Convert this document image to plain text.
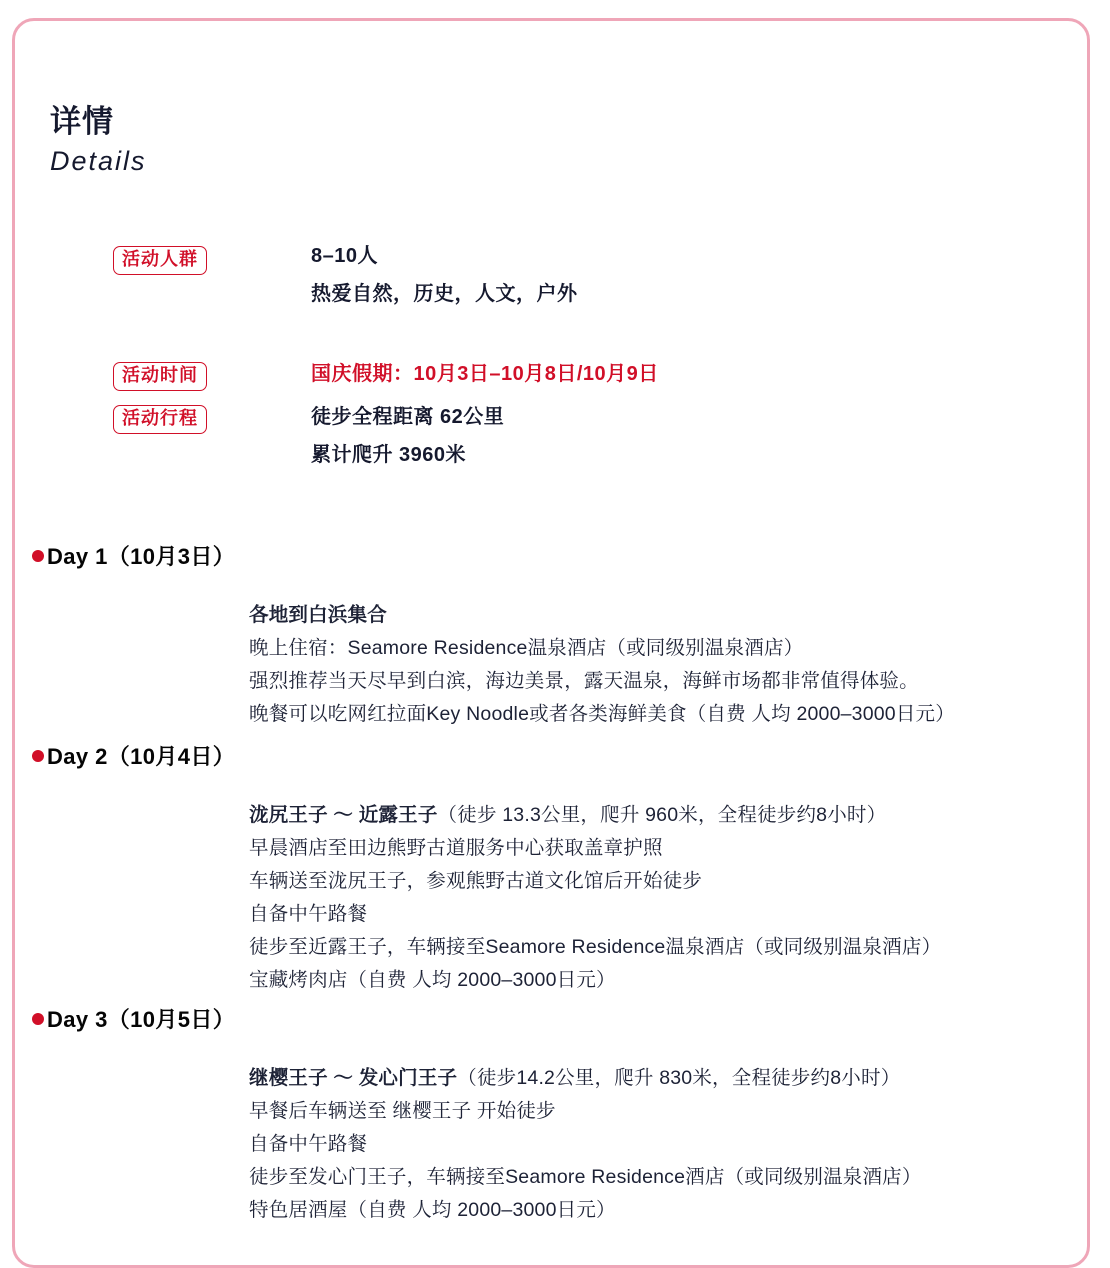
详情
Details
活动人群	8–10人
热爱自然，历史，人文，户外
活动时间	国庆假期：10月3日–10月8日/10月9日
活动行程	徒步全程距离 62公里
累计爬升 3960米
Day 1（10月3日）
各地到白浜集合
晚上住宿：Seamore Residence温泉酒店（或同级别温泉酒店）
强烈推荐当天尽早到白滨，海边美景，露天温泉，海鲜市场都非常值得体验。
晚餐可以吃网红拉面Key Noodle或者各类海鲜美食（自费 人均 2000–3000日元）
Day 2（10月4日）
泷尻王子 ～ 近露王子（徒步 13.3公里，爬升 960米，全程徒步约8小时）
早晨酒店至田边熊野古道服务中心获取盖章护照
车辆送至泷尻王子，参观熊野古道文化馆后开始徒步
自备中午路餐
徒步至近露王子，车辆接至Seamore Residence温泉酒店（或同级别温泉酒店）
宝藏烤肉店（自费 人均 2000–3000日元）
Day 3（10月5日）
继樱王子 ～ 发心门王子（徒步14.2公里，爬升 830米，全程徒步约8小时）
早餐后车辆送至 继樱王子 开始徒步
自备中午路餐
徒步至发心门王子，车辆接至Seamore Residence酒店（或同级别温泉酒店）
特色居酒屋（自费 人均 2000–3000日元）
